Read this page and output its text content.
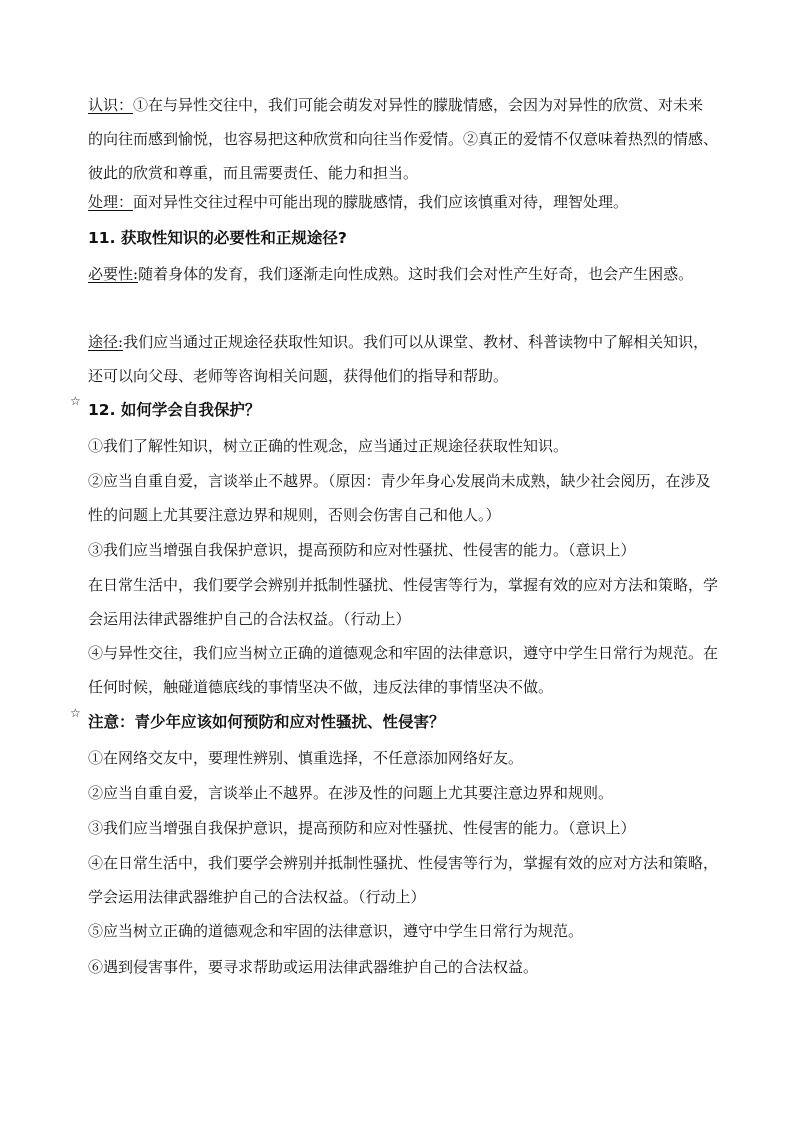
认识：①在与异性交往中，我们可能会萌发对异性的朦胧情感，会因为对异性的欣赏、对未来的向往而感到愉悦，也容易把这种欣赏和向往当作爱情。②真正的爱情不仅意味着热烈的情感、彼此的欣赏和尊重，而且需要责任、能力和担当。

处理：面对异性交往过程中可能出现的朦胧感情，我们应该慎重对待，理智处理。

11. 获取性知识的必要性和正规途径?

必要性:随着身体的发育，我们逐渐走向性成熟。这时我们会对性产生好奇，也会产生困惑。

途径:我们应当通过正规途径获取性知识。我们可以从课堂、教材、科普读物中了解相关知识，还可以向父母、老师等咨询相关问题，获得他们的指导和帮助。

☆ 12. 如何学会自我保护？

①我们了解性知识，树立正确的性观念，应当通过正规途径获取性知识。

②应当自重自爱，言谈举止不越界。（原因：青少年身心发展尚未成熟，缺少社会阅历，在涉及性的问题上尤其要注意边界和规则，否则会伤害自己和他人。）

③我们应当增强自我保护意识，提高预防和应对性骚扰、性侵害的能力。（意识上）

在日常生活中，我们要学会辨别并抵制性骚扰、性侵害等行为，掌握有效的应对方法和策略，学会运用法律武器维护自己的合法权益。（行动上）

④与异性交往，我们应当树立正确的道德观念和牢固的法律意识，遵守中学生日常行为规范。在任何时候，触碰道德底线的事情坚决不做，违反法律的事情坚决不做。

☆ 注意：青少年应该如何预防和应对性骚扰、性侵害？

①在网络交友中，要理性辨别、慎重选择，不任意添加网络好友。

②应当自重自爱，言谈举止不越界。在涉及性的问题上尤其要注意边界和规则。

③我们应当增强自我保护意识，提高预防和应对性骚扰、性侵害的能力。（意识上）

④在日常生活中，我们要学会辨别并抵制性骚扰、性侵害等行为，掌握有效的应对方法和策略，学会运用法律武器维护自己的合法权益。（行动上）

⑤应当树立正确的道德观念和牢固的法律意识，遵守中学生日常行为规范。

⑥遇到侵害事件，要寻求帮助或运用法律武器维护自己的合法权益。
